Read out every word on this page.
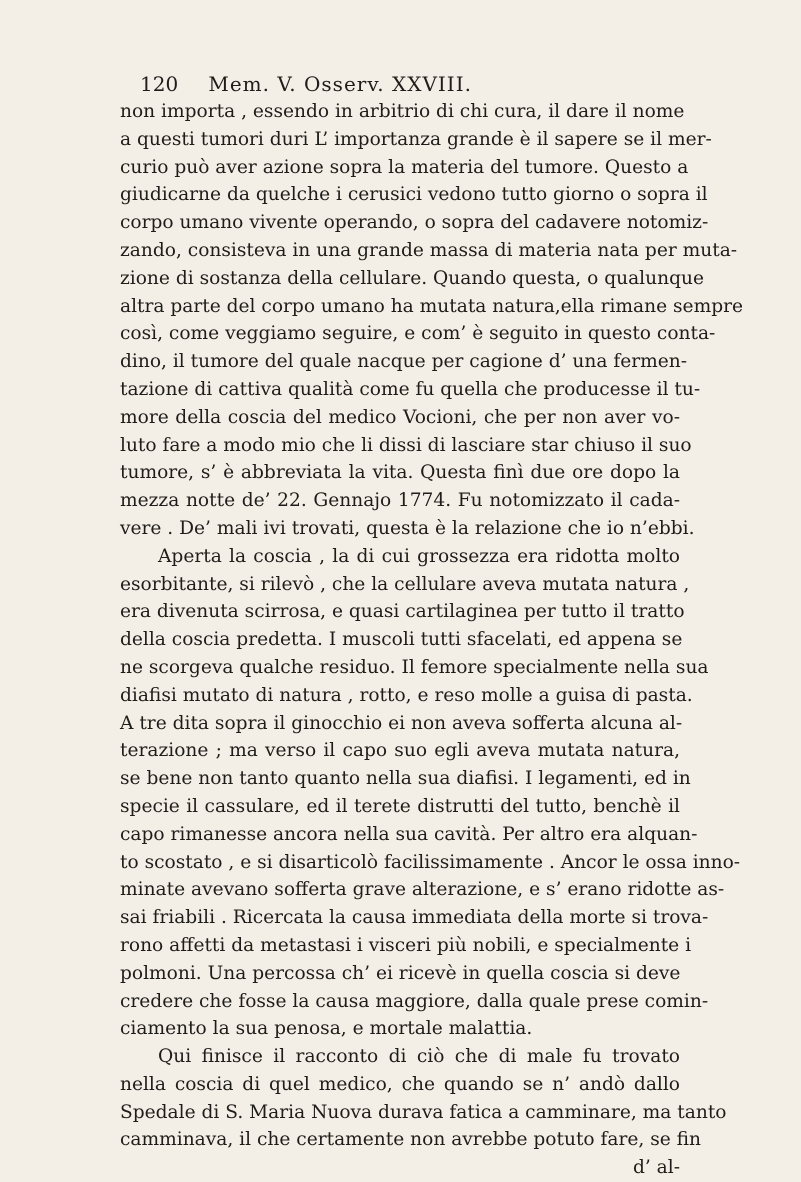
120 Mem. V. Osserv. XXVIII.
non importa , essendo in arbitrio di chi cura, il dare il nome
a questi tumori duri L’ importanza grande è il sapere se il mer-
curio può aver azione sopra la materia del tumore. Questo a
giudicarne da quelche i cerusici vedono tutto giorno o sopra il
corpo umano vivente operando, o sopra del cadavere notomiz-
zando, consisteva in una grande massa di materia nata per muta-
zione di sostanza della cellulare. Quando questa, o qualunque
altra parte del corpo umano ha mutata natura,ella rimane sempre
così, come veggiamo seguire, e com’ è seguito in questo conta-
dino, il tumore del quale nacque per cagione d’ una fermen-
tazione di cattiva qualità come fu quella che producesse il tu-
more della coscia del medico Vocioni, che per non aver vo-
luto fare a modo mio che li dissi di lasciare star chiuso il suo
tumore, s’ è abbreviata la vita. Questa finì due ore dopo la
mezza notte de’ 22. Gennajo 1774. Fu notomizzato il cada-
vere . De’ mali ivi trovati, questa è la relazione che io n’ebbi.
Aperta la coscia , la di cui grossezza era ridotta molto
esorbitante, si rilevò , che la cellulare aveva mutata natura ,
era divenuta scirrosa, e quasi cartilaginea per tutto il tratto
della coscia predetta. I muscoli tutti sfacelati, ed appena se
ne scorgeva qualche residuo. Il femore specialmente nella sua
diafisi mutato di natura , rotto, e reso molle a guisa di pasta.
A tre dita sopra il ginocchio ei non aveva sofferta alcuna al-
terazione ; ma verso il capo suo egli aveva mutata natura,
se bene non tanto quanto nella sua diafisi. I legamenti, ed in
specie il cassulare, ed il terete distrutti del tutto, benchè il
capo rimanesse ancora nella sua cavità. Per altro era alquan-
to scostato , e si disarticolò facilissimamente . Ancor le ossa inno-
minate avevano sofferta grave alterazione, e s’ erano ridotte as-
sai friabili . Ricercata la causa immediata della morte si trova-
rono affetti da metastasi i visceri più nobili, e specialmente i
polmoni. Una percossa ch’ ei ricevè in quella coscia si deve
credere che fosse la causa maggiore, dalla quale prese comin-
ciamento la sua penosa, e mortale malattia.
Qui finisce il racconto di ciò che di male fu trovato
nella coscia di quel medico, che quando se n’ andò dallo
Spedale di S. Maria Nuova durava fatica a camminare, ma tanto
camminava, il che certamente non avrebbe potuto fare, se fin
d’ al-
